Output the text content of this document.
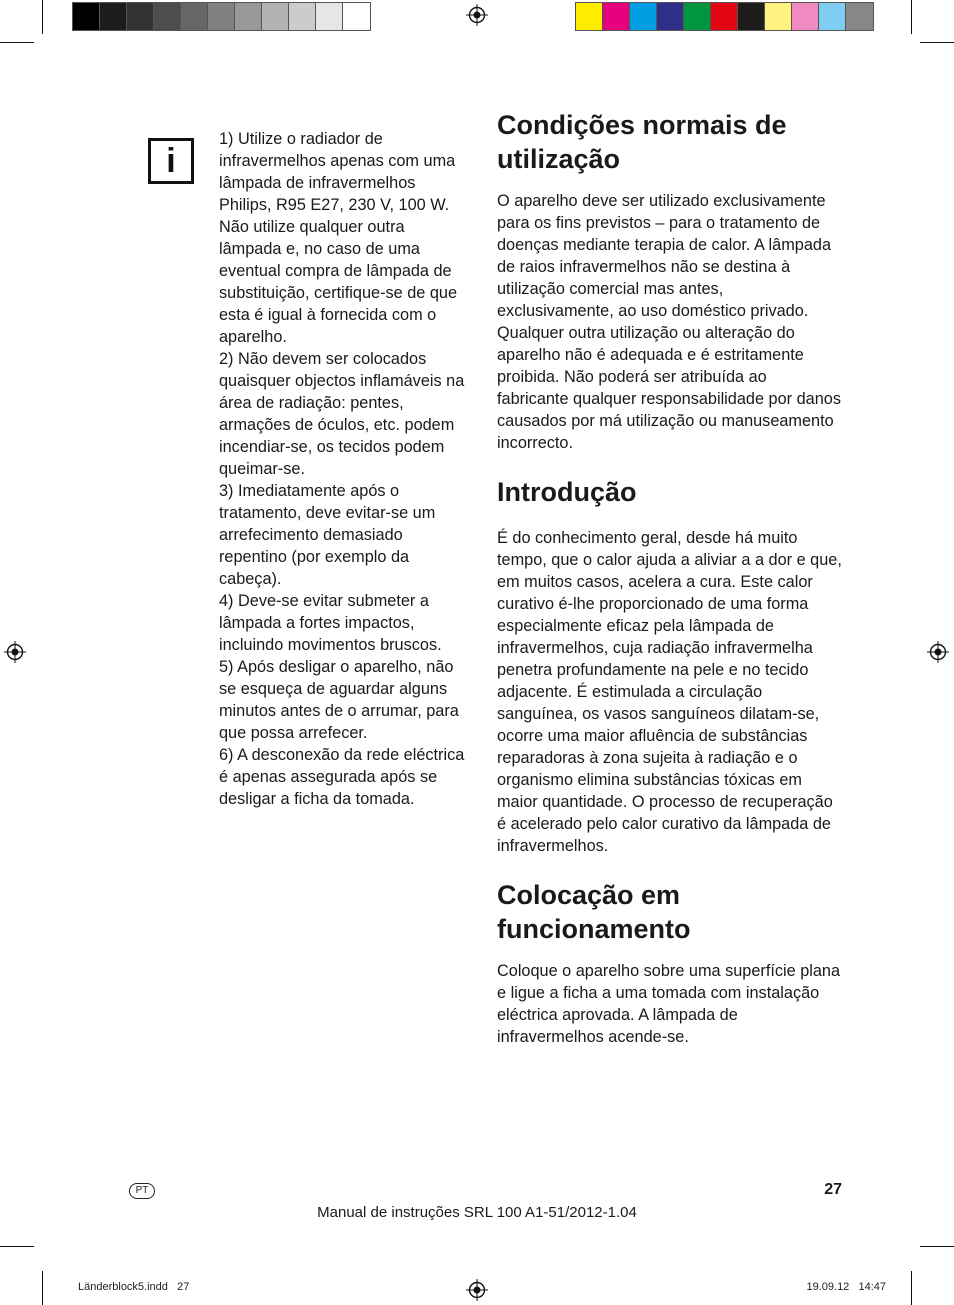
i

1) Utilize o radiador de infravermelhos apenas com uma lâmpada de infravermelhos Philips, R95 E27, 230 V, 100 W. Não utilize qualquer outra lâmpada e, no caso de uma eventual compra de lâmpada de substituição, certifique-se de que esta é igual à fornecida com o aparelho.

2) Não devem ser colocados quaisquer objectos inflamáveis na área de radiação: pentes, armações de óculos, etc. podem incendiar-se, os tecidos podem queimar-se.

3) Imediatamente após o tratamento, deve evitar-se um arrefecimento demasiado repentino (por exemplo da cabeça).

4) Deve-se evitar submeter a lâmpada a fortes impactos, incluindo movimentos bruscos.

5) Após desligar o aparelho, não se esqueça de aguardar alguns minutos antes de o arrumar, para que possa arrefecer.

6) A desconexão da rede eléctrica é apenas assegurada após se desligar a ficha da tomada.

Condições normais de utilização

O aparelho deve ser utilizado exclusivamente para os fins previstos – para o tratamento de doenças mediante terapia de calor. A lâmpada de raios infravermelhos não se destina à utilização comercial mas antes, exclusivamente, ao uso doméstico privado. Qualquer outra utilização ou alteração do aparelho não é adequada e é estritamente proibida. Não poderá ser atribuída ao fabricante qualquer responsabilidade por danos causados por má utilização ou manuseamento incorrecto.

Introdução

É do conhecimento geral, desde há muito tempo, que o calor ajuda a aliviar a a dor e que, em muitos casos, acelera a cura. Este calor curativo é-lhe proporcionado de uma forma especialmente eficaz pela lâmpada de infravermelhos, cuja radiação infravermelha penetra profundamente na pele e no tecido adjacente. É estimulada a circulação sanguínea, os vasos sanguíneos dilatam-se, ocorre uma maior afluência de substâncias reparadoras à zona sujeita à radiação e o organismo elimina substâncias tóxicas em maior quantidade. O processo de recuperação é acelerado pelo calor curativo da lâmpada de infravermelhos.

Colocação em funcionamento

Coloque o aparelho sobre uma superfície plana e ligue a ficha a uma tomada com instalação eléctrica aprovada. A lâmpada de infravermelhos acende-se.

PT	27
Manual de instruções SRL 100 A1-51/2012-1.04
Länderblock5.indd   27	19.09.12   14:47
